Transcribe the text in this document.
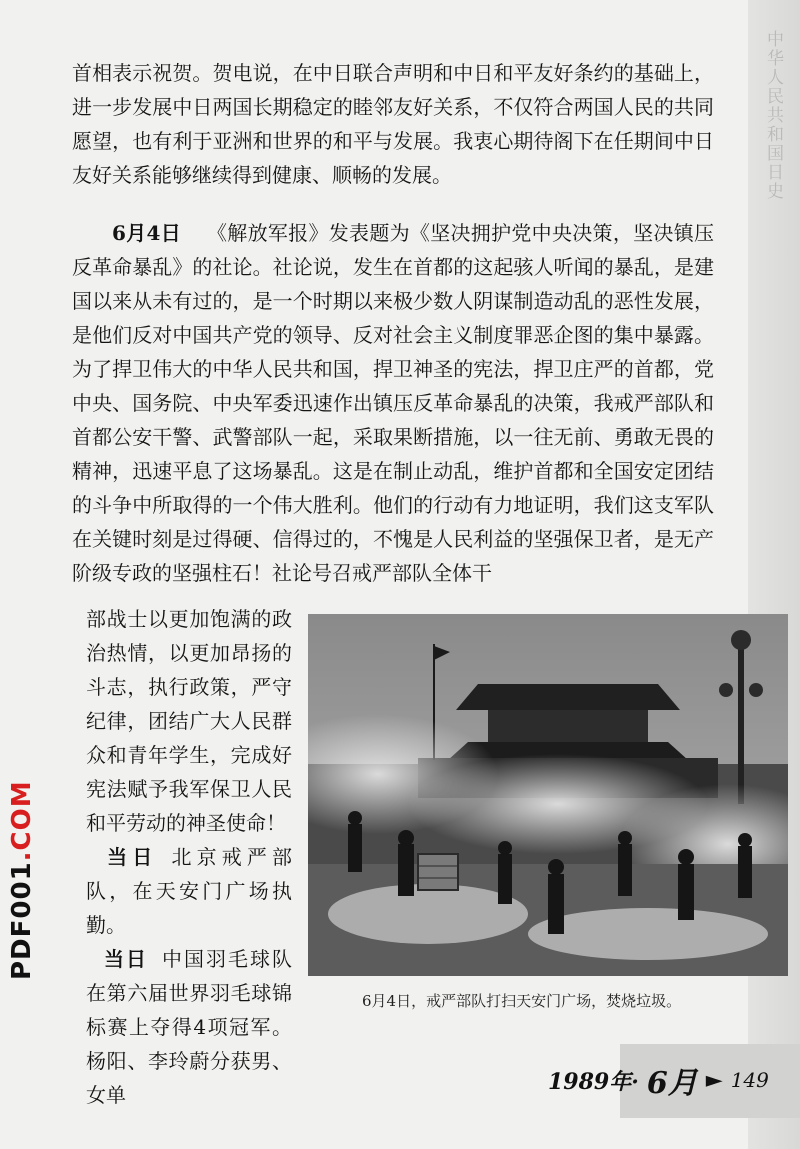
中华人民共和国日史
PDF001.COM

首相表示祝贺。贺电说，在中日联合声明和中日和平友好条约的基础上，进一步发展中日两国长期稳定的睦邻友好关系，不仅符合两国人民的共同愿望，也有利于亚洲和世界的和平与发展。我衷心期待阁下在任期间中日友好关系能够继续得到健康、顺畅的发展。

6月4日 《解放军报》发表题为《坚决拥护党中央决策，坚决镇压反革命暴乱》的社论。社论说，发生在首都的这起骇人听闻的暴乱，是建国以来从未有过的，是一个时期以来极少数人阴谋制造动乱的恶性发展，是他们反对中国共产党的领导、反对社会主义制度罪恶企图的集中暴露。为了捍卫伟大的中华人民共和国，捍卫神圣的宪法，捍卫庄严的首都，党中央、国务院、中央军委迅速作出镇压反革命暴乱的决策，我戒严部队和首都公安干警、武警部队一起，采取果断措施，以一往无前、勇敢无畏的精神，迅速平息了这场暴乱。这是在制止动乱，维护首都和全国安定团结的斗争中所取得的一个伟大胜利。他们的行动有力地证明，我们这支军队在关键时刻是过得硬、信得过的，不愧是人民利益的坚强保卫者，是无产阶级专政的坚强柱石！社论号召戒严部队全体干

部战士以更加饱满的政治热情，以更加昂扬的斗志，执行政策，严守纪律，团结广大人民群众和青年学生，完成好宪法赋予我军保卫人民和平劳动的神圣使命！

当日 北京戒严部队，在天安门广场执勤。

当日 中国羽毛球队在第六届世界羽毛球锦标赛上夺得4项冠军。杨阳、李玲蔚分获男、女单

6月4日，戒严部队打扫天安门广场，焚烧垃圾。
1989年· 6月 ► 149
